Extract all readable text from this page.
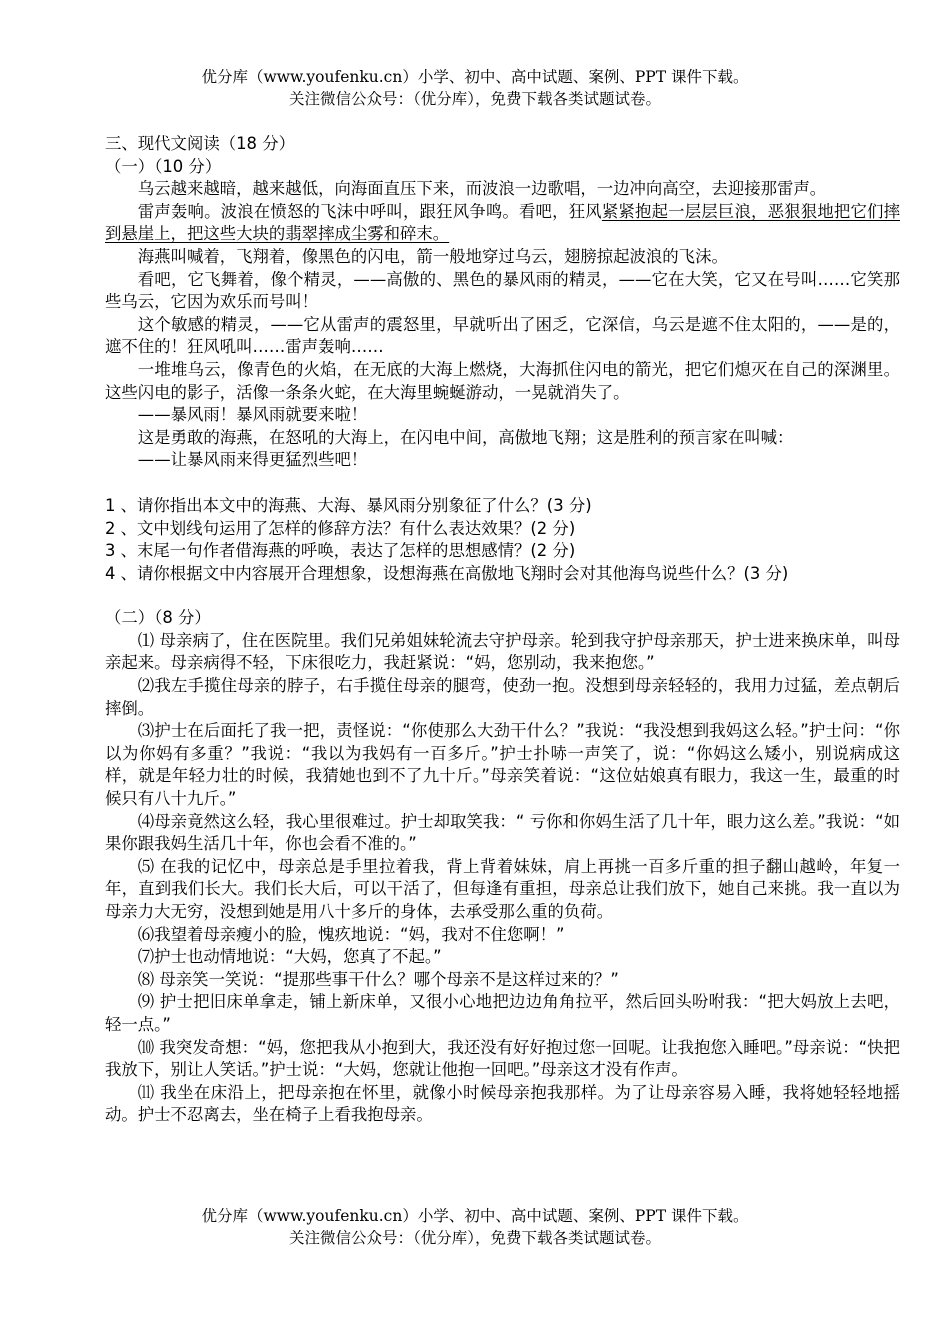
优分库（www.youfenku.cn）小学、初中、高中试题、案例、PPT 课件下载。
关注微信公众号：（优分库），免费下载各类试题试卷。

三、现代文阅读（18 分）

（一）（10 分）

乌云越来越暗，越来越低，向海面直压下来，而波浪一边歌唱，一边冲向高空，去迎接那雷声。

雷声轰响。波浪在愤怒的飞沫中呼叫，跟狂风争鸣。看吧，狂风紧紧抱起一层层巨浪，恶狠狠地把它们摔到悬崖上，把这些大块的翡翠摔成尘雾和碎末。

海燕叫喊着，飞翔着，像黑色的闪电，箭一般地穿过乌云，翅膀掠起波浪的飞沫。

看吧，它飞舞着，像个精灵，——高傲的、黑色的暴风雨的精灵，——它在大笑，它又在号叫……它笑那些乌云，它因为欢乐而号叫！

这个敏感的精灵，——它从雷声的震怒里，早就听出了困乏，它深信，乌云是遮不住太阳的，——是的，遮不住的！狂风吼叫……雷声轰响……

一堆堆乌云，像青色的火焰，在无底的大海上燃烧，大海抓住闪电的箭光，把它们熄灭在自己的深渊里。这些闪电的影子，活像一条条火蛇，在大海里蜿蜒游动，一晃就消失了。

——暴风雨！暴风雨就要来啦！

这是勇敢的海燕，在怒吼的大海上，在闪电中间，高傲地飞翔；这是胜利的预言家在叫喊：

——让暴风雨来得更猛烈些吧！

1 、请你指出本文中的海燕、大海、暴风雨分别象征了什么？(3 分)

2 、文中划线句运用了怎样的修辞方法？有什么表达效果？(2 分)

3 、末尾一句作者借海燕的呼唤，表达了怎样的思想感情？(2 分)

4 、请你根据文中内容展开合理想象，设想海燕在高傲地飞翔时会对其他海鸟说些什么？(3 分)

（二）（8 分）

⑴ 母亲病了，住在医院里。我们兄弟姐妹轮流去守护母亲。轮到我守护母亲那天，护士进来换床单，叫母亲起来。母亲病得不轻，下床很吃力，我赶紧说：“妈，您别动，我来抱您。”

⑵我左手揽住母亲的脖子，右手揽住母亲的腿弯，使劲一抱。没想到母亲轻轻的，我用力过猛，差点朝后摔倒。

⑶护士在后面托了我一把，责怪说：“你使那么大劲干什么？”我说：“我没想到我妈这么轻。”护士问：“你以为你妈有多重？”我说：“我以为我妈有一百多斤。”护士扑哧一声笑了，说：“你妈这么矮小，别说病成这样，就是年轻力壮的时候，我猜她也到不了九十斤。”母亲笑着说：“这位姑娘真有眼力，我这一生，最重的时候只有八十九斤。”

⑷母亲竟然这么轻，我心里很难过。护士却取笑我：“ 亏你和你妈生活了几十年，眼力这么差。”我说：“如果你跟我妈生活几十年，你也会看不准的。”

⑸ 在我的记忆中，母亲总是手里拉着我，背上背着妹妹，肩上再挑一百多斤重的担子翻山越岭，年复一年，直到我们长大。我们长大后，可以干活了，但每逢有重担，母亲总让我们放下，她自己来挑。我一直以为母亲力大无穷，没想到她是用八十多斤的身体，去承受那么重的负荷。

⑹我望着母亲瘦小的脸，愧疚地说：“妈，我对不住您啊！”

⑺护士也动情地说：“大妈，您真了不起。”

⑻ 母亲笑一笑说：“提那些事干什么？哪个母亲不是这样过来的？”

⑼ 护士把旧床单拿走，铺上新床单，又很小心地把边边角角拉平，然后回头吩咐我：“把大妈放上去吧，轻一点。”

⑽ 我突发奇想：“妈，您把我从小抱到大，我还没有好好抱过您一回呢。让我抱您入睡吧。”母亲说：“快把我放下，别让人笑话。”护士说：“大妈，您就让他抱一回吧。”母亲这才没有作声。

⑾ 我坐在床沿上，把母亲抱在怀里，就像小时候母亲抱我那样。为了让母亲容易入睡，我将她轻轻地摇动。护士不忍离去，坐在椅子上看我抱母亲。

优分库（www.youfenku.cn）小学、初中、高中试题、案例、PPT 课件下载。
关注微信公众号：（优分库），免费下载各类试题试卷。
